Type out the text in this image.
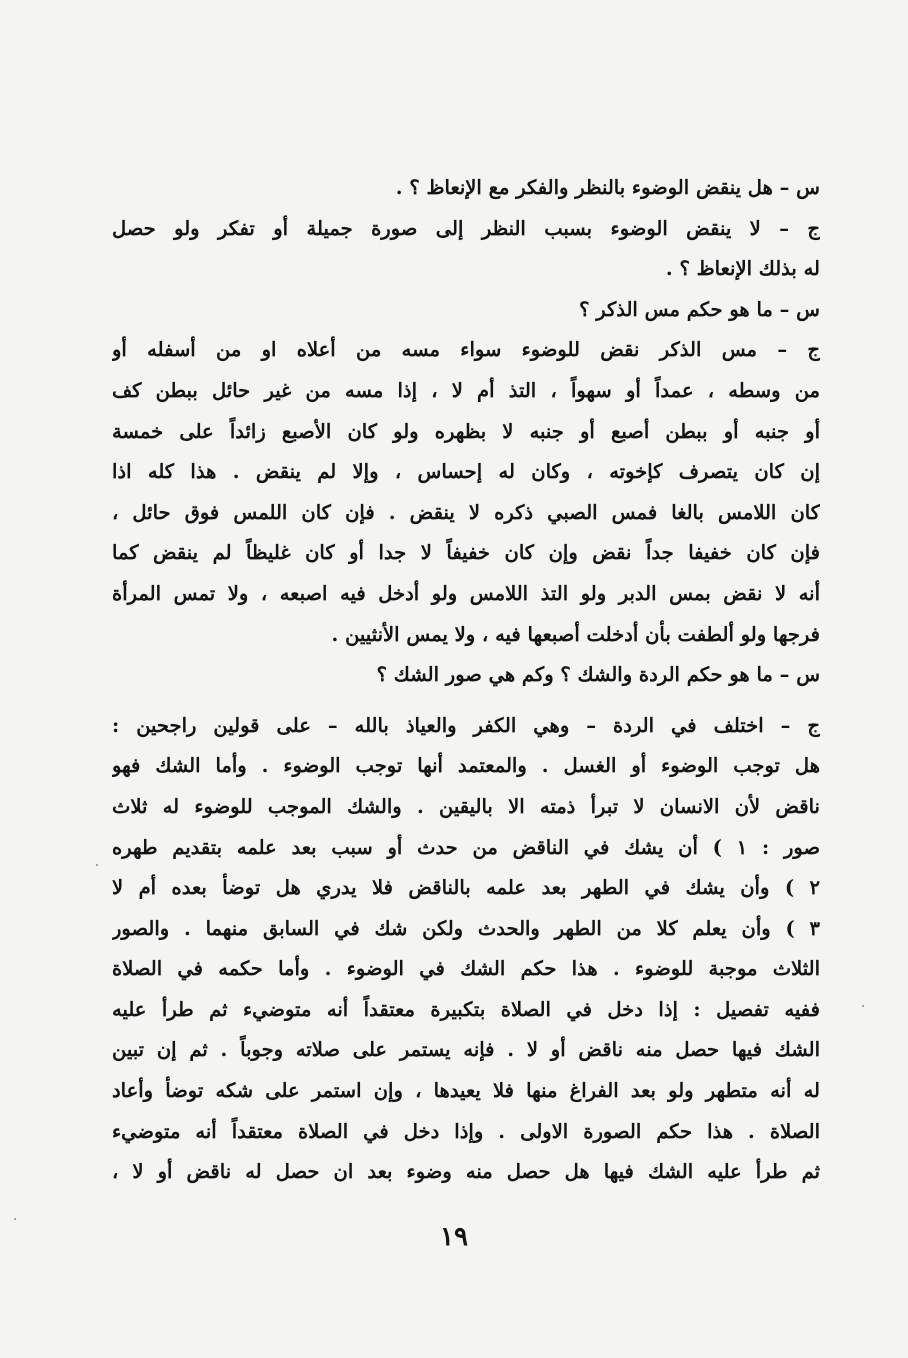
س – هل ينقض الوضوء بالنظر والفكر مع الإنعاظ ؟ .
ج – لا ينقض الوضوء بسبب النظر إلى صورة جميلة أو تفكر ولو حصل
له بذلك الإنعاظ ؟ .
س – ما هو حكم مس الذكر ؟
ج – مس الذكر نقض للوضوء سواء مسه من أعلاه او من أسفله أو
من وسطه ، عمداً أو سهواً ، التذ أم لا ، إذا مسه من غير حائل ببطن كف
أو جنبه أو ببطن أصبع أو جنبه لا بظهره ولو كان الأصبع زائداً على خمسة
إن كان يتصرف كإخوته ، وكان له إحساس ، وإلا لم ينقض . هذا كله اذا
كان اللامس بالغا فمس الصبي ذكره لا ينقض . فإن كان اللمس فوق حائل ،
فإن كان خفيفا جداً نقض وإن كان خفيفاً لا جدا أو كان غليظاً لم ينقض كما
أنه لا نقض بمس الدبر ولو التذ اللامس ولو أدخل فيه اصبعه ، ولا تمس المرأة
فرجها ولو ألطفت بأن أدخلت أصبعها فيه ، ولا يمس الأنثيين .
س – ما هو حكم الردة والشك ؟ وكم هي صور الشك ؟
ج – اختلف في الردة – وهي الكفر والعياذ بالله – على قولين راجحين :
هل توجب الوضوء أو الغسل . والمعتمد أنها توجب الوضوء . وأما الشك فهو
ناقض لأن الانسان لا تبرأ ذمته الا باليقين . والشك الموجب للوضوء له ثلاث
صور : ١ ) أن يشك في الناقض من حدث أو سبب بعد علمه بتقديم طهره
٢ ) وأن يشك في الطهر بعد علمه بالناقض فلا يدري هل توضأ بعده أم لا
٣ ) وأن يعلم كلا من الطهر والحدث ولكن شك في السابق منهما . والصور
الثلاث موجبة للوضوء . هذا حكم الشك في الوضوء . وأما حكمه في الصلاة
ففيه تفصيل : إذا دخل في الصلاة بتكبيرة معتقداً أنه متوضيء ثم طرأ عليه
الشك فيها حصل منه ناقض أو لا . فإنه يستمر على صلاته وجوباً . ثم إن تبين
له أنه متطهر ولو بعد الفراغ منها فلا يعيدها ، وإن استمر على شكه توضأ وأعاد
الصلاة . هذا حكم الصورة الاولى . وإذا دخل في الصلاة معتقداً أنه متوضيء
ثم طرأ عليه الشك فيها هل حصل منه وضوء بعد ان حصل له ناقض أو لا ،
١٩
